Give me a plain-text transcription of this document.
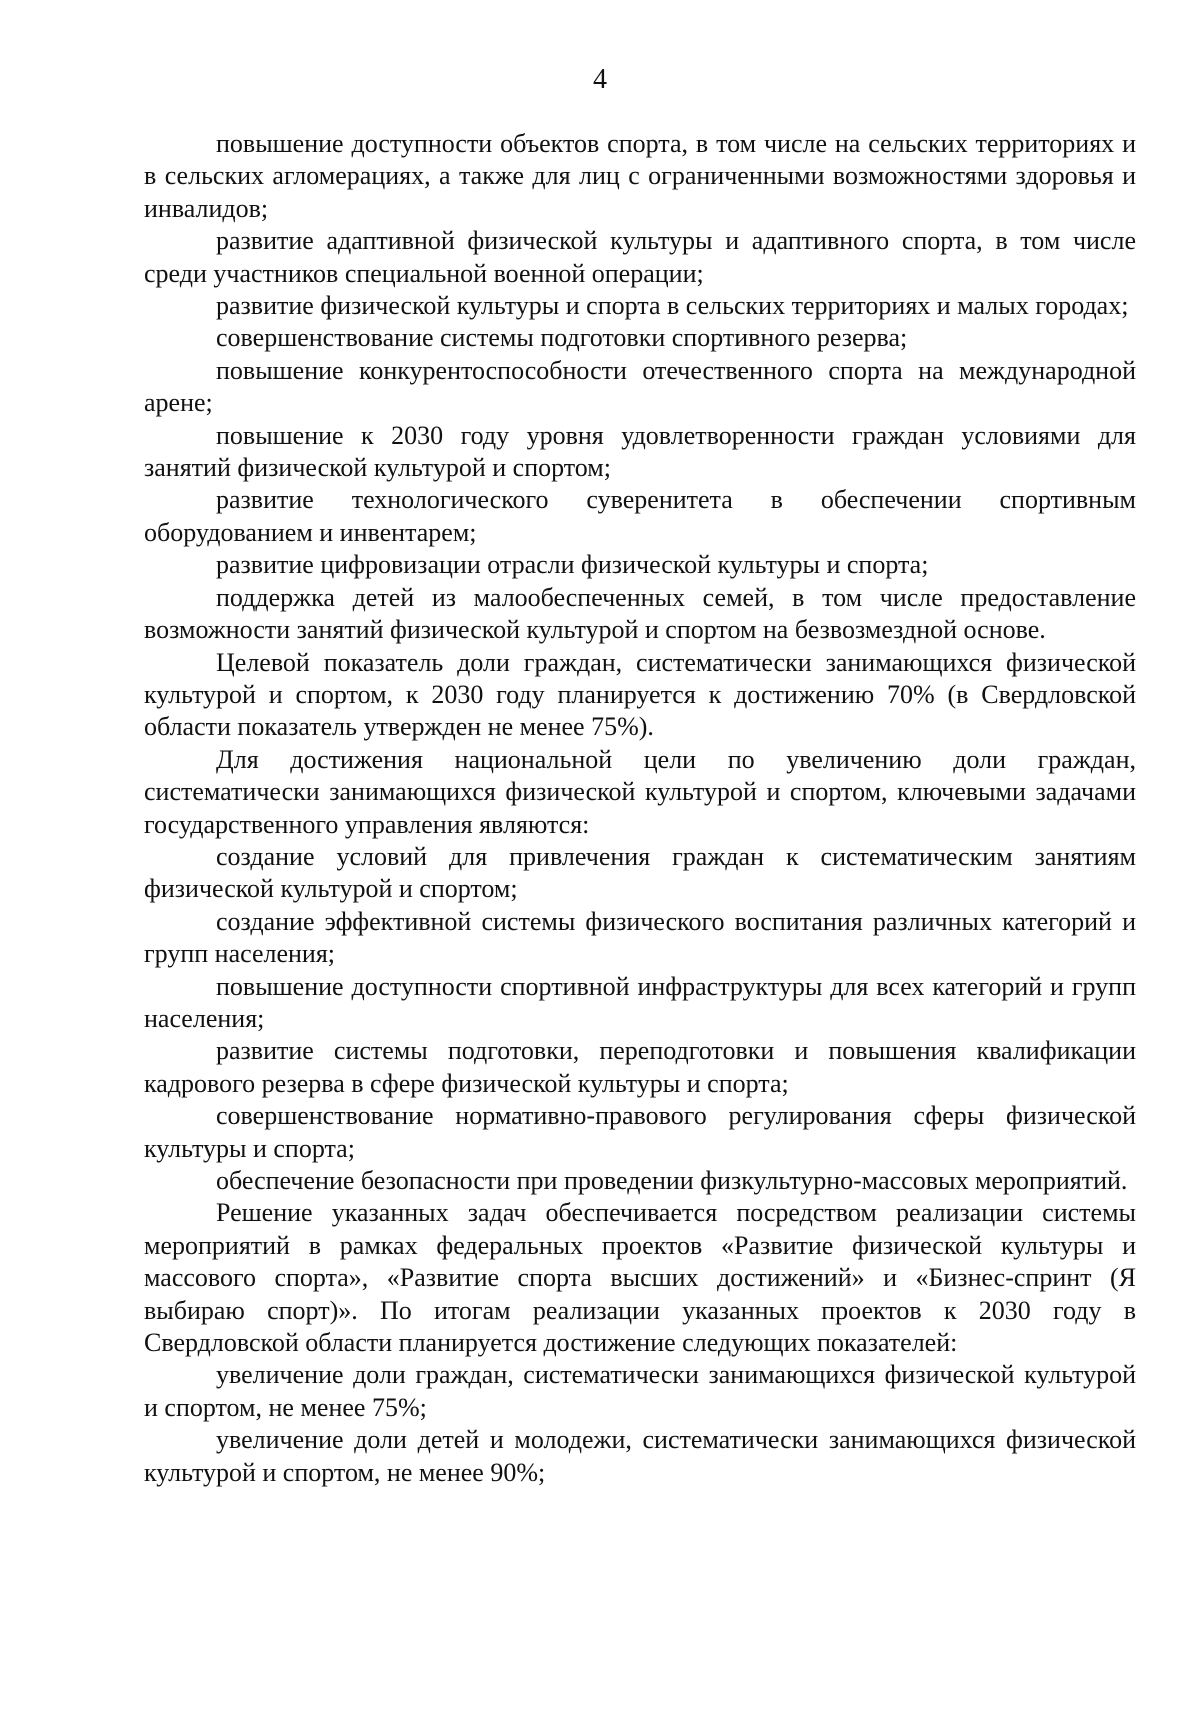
4

повышение доступности объектов спорта, в том числе на сельских территориях и в сельских агломерациях, а также для лиц с ограниченными возможностями здоровья и инвалидов;

развитие адаптивной физической культуры и адаптивного спорта, в том числе среди участников специальной военной операции;

развитие физической культуры и спорта в сельских территориях и малых городах;

совершенствование системы подготовки спортивного резерва;

повышение конкурентоспособности отечественного спорта на международной арене;

повышение к 2030 году уровня удовлетворенности граждан условиями для занятий физической культурой и спортом;

развитие технологического суверенитета в обеспечении спортивным оборудованием и инвентарем;

развитие цифровизации отрасли физической культуры и спорта;

поддержка детей из малообеспеченных семей, в том числе предоставление возможности занятий физической культурой и спортом на безвозмездной основе.

Целевой показатель доли граждан, систематически занимающихся физической культурой и спортом, к 2030 году планируется к достижению 70% (в Свердловской области показатель утвержден не менее 75%).

Для достижения национальной цели по увеличению доли граждан, систематически занимающихся физической культурой и спортом, ключевыми задачами государственного управления являются:

создание условий для привлечения граждан к систематическим занятиям физической культурой и спортом;

создание эффективной системы физического воспитания различных категорий и групп населения;

повышение доступности спортивной инфраструктуры для всех категорий и групп населения;

развитие системы подготовки, переподготовки и повышения квалификации кадрового резерва в сфере физической культуры и спорта;

совершенствование нормативно-правового регулирования сферы физической культуры и спорта;

обеспечение безопасности при проведении физкультурно-массовых мероприятий.

Решение указанных задач обеспечивается посредством реализации системы мероприятий в рамках федеральных проектов «Развитие физической культуры и массового спорта», «Развитие спорта высших достижений» и «Бизнес-спринт (Я выбираю спорт)». По итогам реализации указанных проектов к 2030 году в Свердловской области планируется достижение следующих показателей:

увеличение доли граждан, систематически занимающихся физической культурой и спортом, не менее 75%;

увеличение доли детей и молодежи, систематически занимающихся физической культурой и спортом, не менее 90%;
